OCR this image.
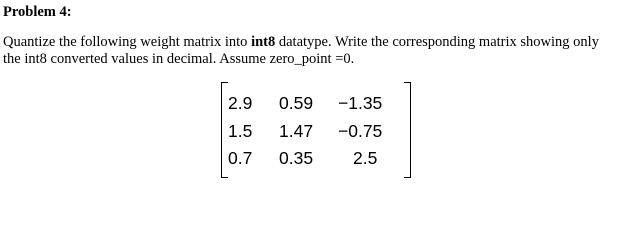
Problem 4:
Quantize the following weight matrix into int8 datatype. Write the corresponding matrix showing only
the int8 converted values in decimal. Assume zero_point =0.
2.9 0.59 −1.35
1.5 1.47 −0.75
0.7 0.35 2.5
